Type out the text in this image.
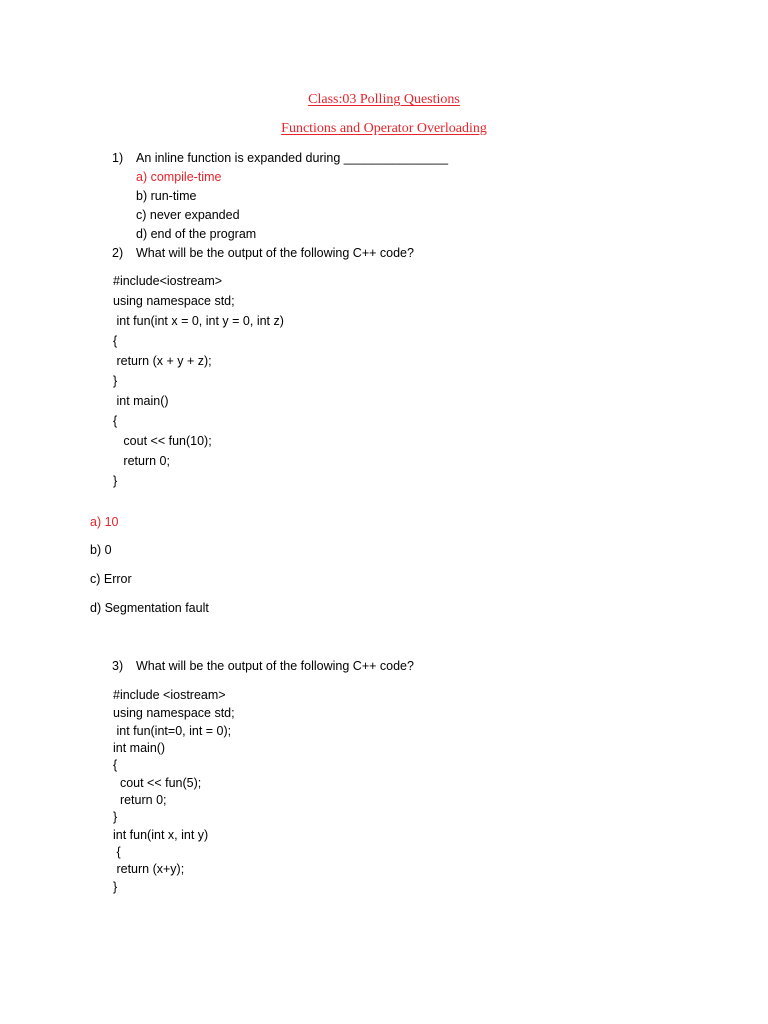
Class:03 Polling Questions
Functions and Operator Overloading
1) An inline function is expanded during _______________
a) compile-time
b) run-time
c) never expanded
d) end of the program
2) What will be the output of the following C++ code?
#include<iostream>
using namespace std;
int fun(int x = 0, int y = 0, int z)
{
return (x + y + z);
}
int main()
{
cout << fun(10);
return 0;
}
a) 10
b) 0
c) Error
d) Segmentation fault
3) What will be the output of the following C++ code?
#include <iostream>
using namespace std;
int fun(int=0, int = 0);
int main()
{
cout << fun(5);
return 0;
}
int fun(int x, int y)
{
return (x+y);
}
